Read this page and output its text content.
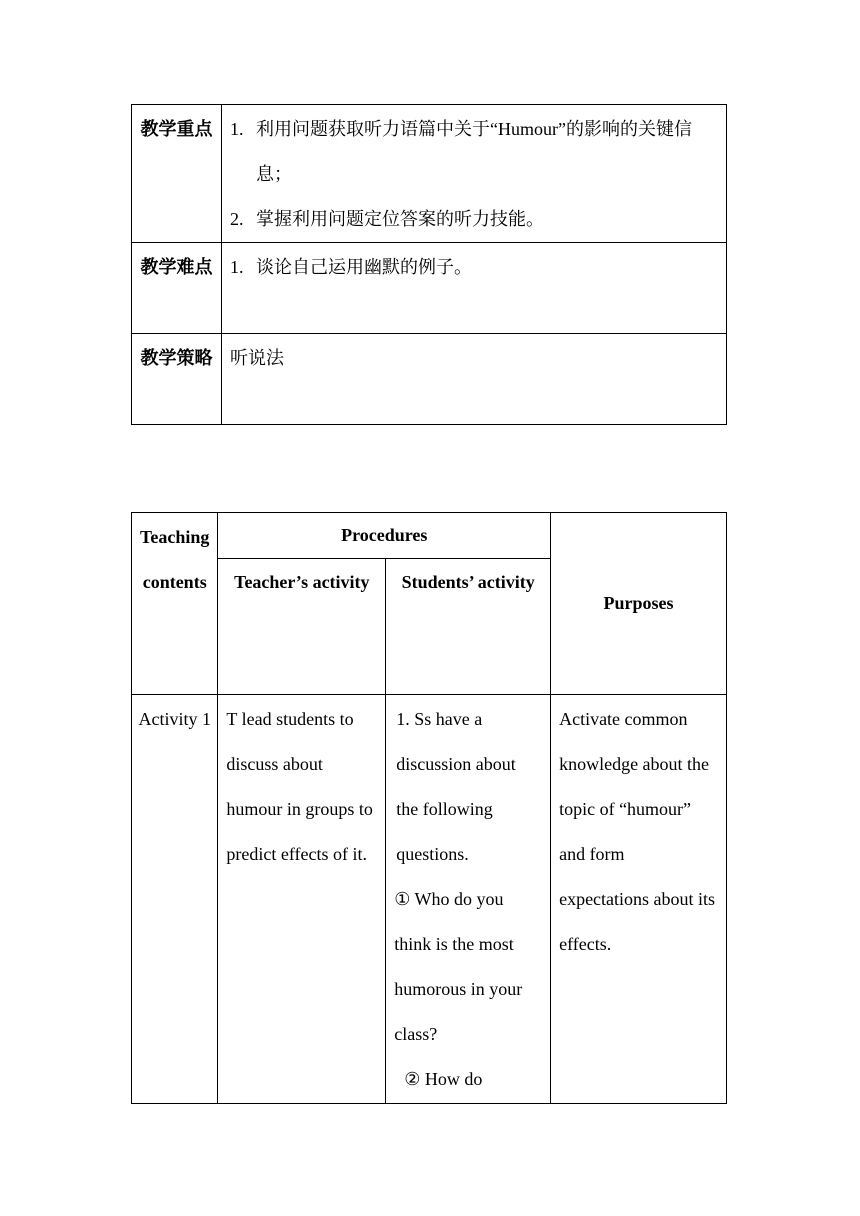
教学重点	1. 利用问题获取听力语篇中关于“Humour”的影响的关键信息；
2. 掌握利用问题定位答案的听力技能。

教学难点	1. 谈论自己运用幽默的例子。

教学策略	听说法
Teaching contents	Procedures		Purposes
	Teacher’s activity	Students’ activity	
Activity 1	T lead students to discuss about humour in groups to predict effects of it.	1. Ss have a discussion about the following questions.
① Who do you think is the most humorous in your class?
② How do	Activate common knowledge about the topic of “humour” and form expectations about its effects.
